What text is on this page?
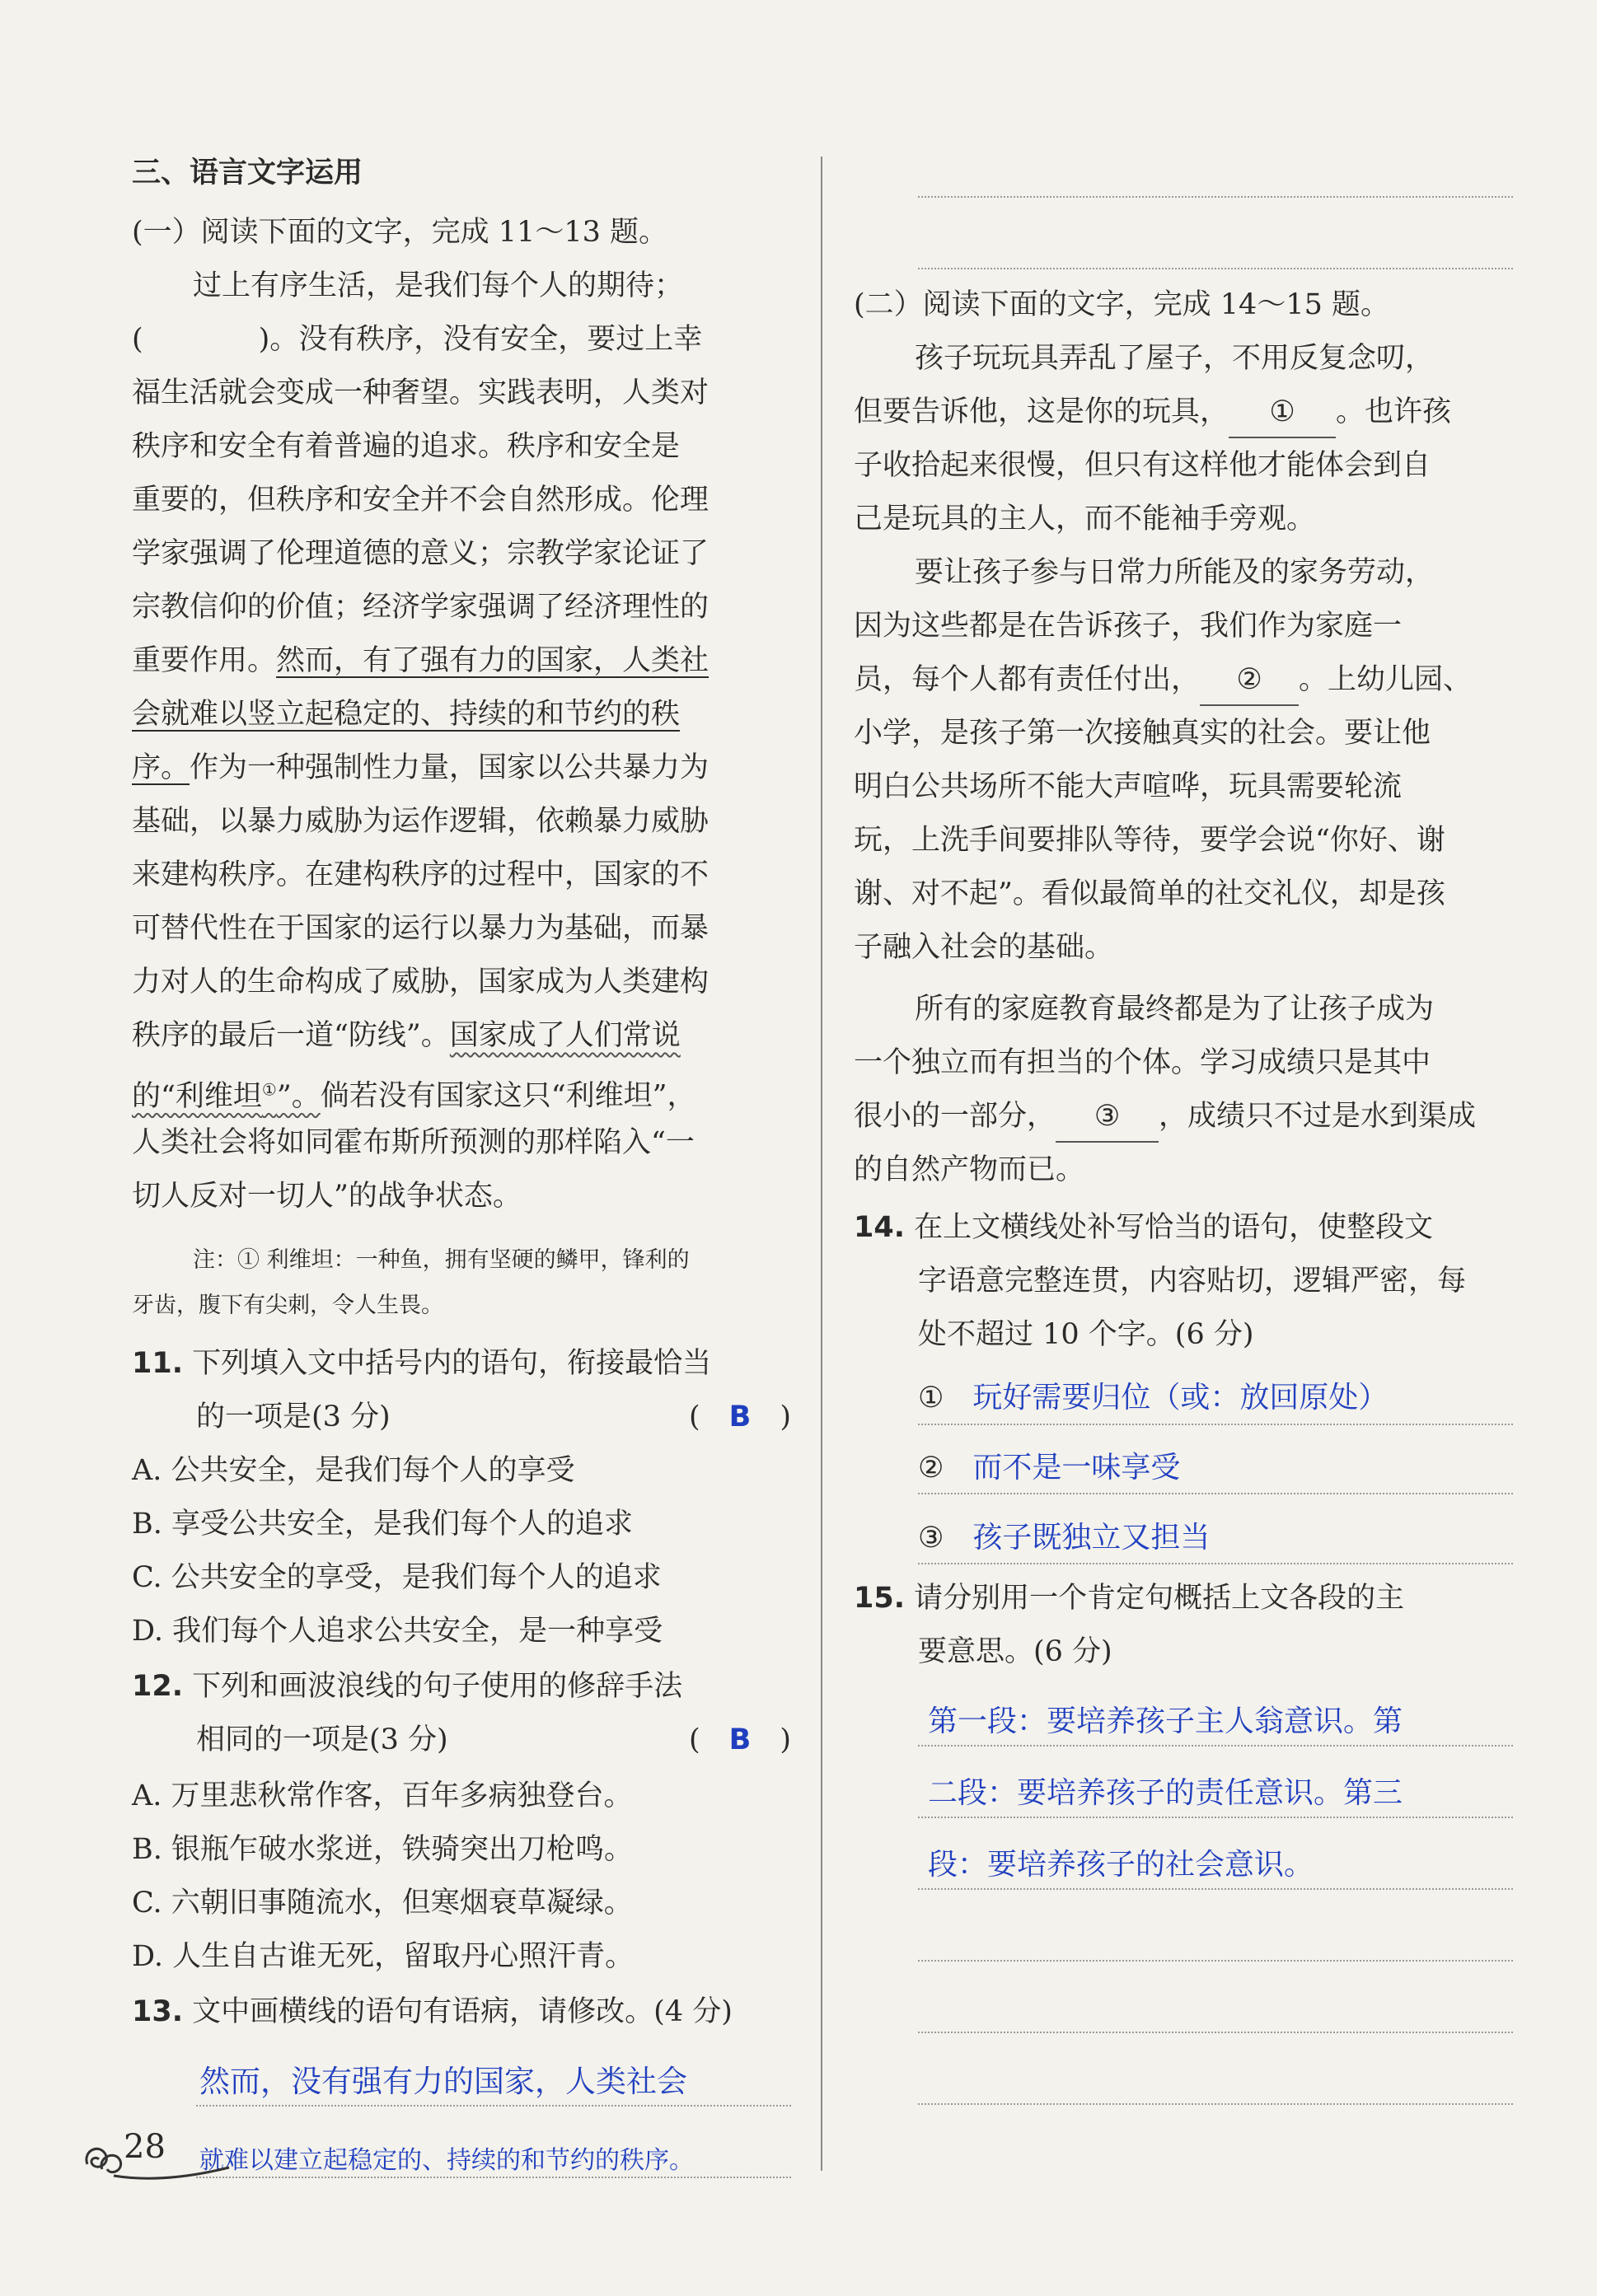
三、语言文字运用
(一）阅读下面的文字，完成 11～13 题。
过上有序生活，是我们每个人的期待；
(　　　　)。没有秩序，没有安全，要过上幸
福生活就会变成一种奢望。实践表明，人类对
秩序和安全有着普遍的追求。秩序和安全是
重要的，但秩序和安全并不会自然形成。伦理
学家强调了伦理道德的意义；宗教学家论证了
宗教信仰的价值；经济学家强调了经济理性的
重要作用。然而，有了强有力的国家，人类社
会就难以竖立起稳定的、持续的和节约的秩
序。作为一种强制性力量，国家以公共暴力为
基础，以暴力威胁为运作逻辑，依赖暴力威胁
来建构秩序。在建构秩序的过程中，国家的不
可替代性在于国家的运行以暴力为基础，而暴
力对人的生命构成了威胁，国家成为人类建构
秩序的最后一道“防线”。国家成了人们常说
的“利维坦①”。倘若没有国家这只“利维坦”，
人类社会将如同霍布斯所预测的那样陷入“一
切人反对一切人”的战争状态。
注：① 利维坦：一种鱼，拥有坚硬的鳞甲，锋利的
牙齿，腹下有尖刺，令人生畏。
11. 下列填入文中括号内的语句，衔接最恰当
的一项是(3 分)	(　B　)
A. 公共安全，是我们每个人的享受
B. 享受公共安全，是我们每个人的追求
C. 公共安全的享受，是我们每个人的追求
D. 我们每个人追求公共安全，是一种享受
12. 下列和画波浪线的句子使用的修辞手法
相同的一项是(3 分)	(　B　)
A. 万里悲秋常作客，百年多病独登台。
B. 银瓶乍破水浆迸，铁骑突出刀枪鸣。
C. 六朝旧事随流水，但寒烟衰草凝绿。
D. 人生自古谁无死，留取丹心照汗青。
13. 文中画横线的语句有语病，请修改。(4 分)
然而，没有强有力的国家，人类社会
就难以建立起稳定的、持续的和节约的秩序。
(二）阅读下面的文字，完成 14～15 题。
孩子玩玩具弄乱了屋子，不用反复念叨，
但要告诉他，这是你的玩具， ① 。也许孩
子收拾起来很慢，但只有这样他才能体会到自
己是玩具的主人，而不能袖手旁观。
要让孩子参与日常力所能及的家务劳动，
因为这些都是在告诉孩子，我们作为家庭一
员，每个人都有责任付出， ② 。上幼儿园、
小学，是孩子第一次接触真实的社会。要让他
明白公共场所不能大声喧哗，玩具需要轮流
玩，上洗手间要排队等待，要学会说“你好、谢
谢、对不起”。看似最简单的社交礼仪，却是孩
子融入社会的基础。
所有的家庭教育最终都是为了让孩子成为
一个独立而有担当的个体。学习成绩只是其中
很小的一部分， ③ ，成绩只不过是水到渠成
的自然产物而已。
14. 在上文横线处补写恰当的语句，使整段文
字语意完整连贯，内容贴切，逻辑严密，每
处不超过 10 个字。(6 分)
①　 玩好需要归位（或：放回原处）
②　 而不是一味享受
③　 孩子既独立又担当
15. 请分别用一个肯定句概括上文各段的主
要意思。(6 分)
第一段：要培养孩子主人翁意识。第
二段：要培养孩子的责任意识。第三
段：要培养孩子的社会意识。
28
